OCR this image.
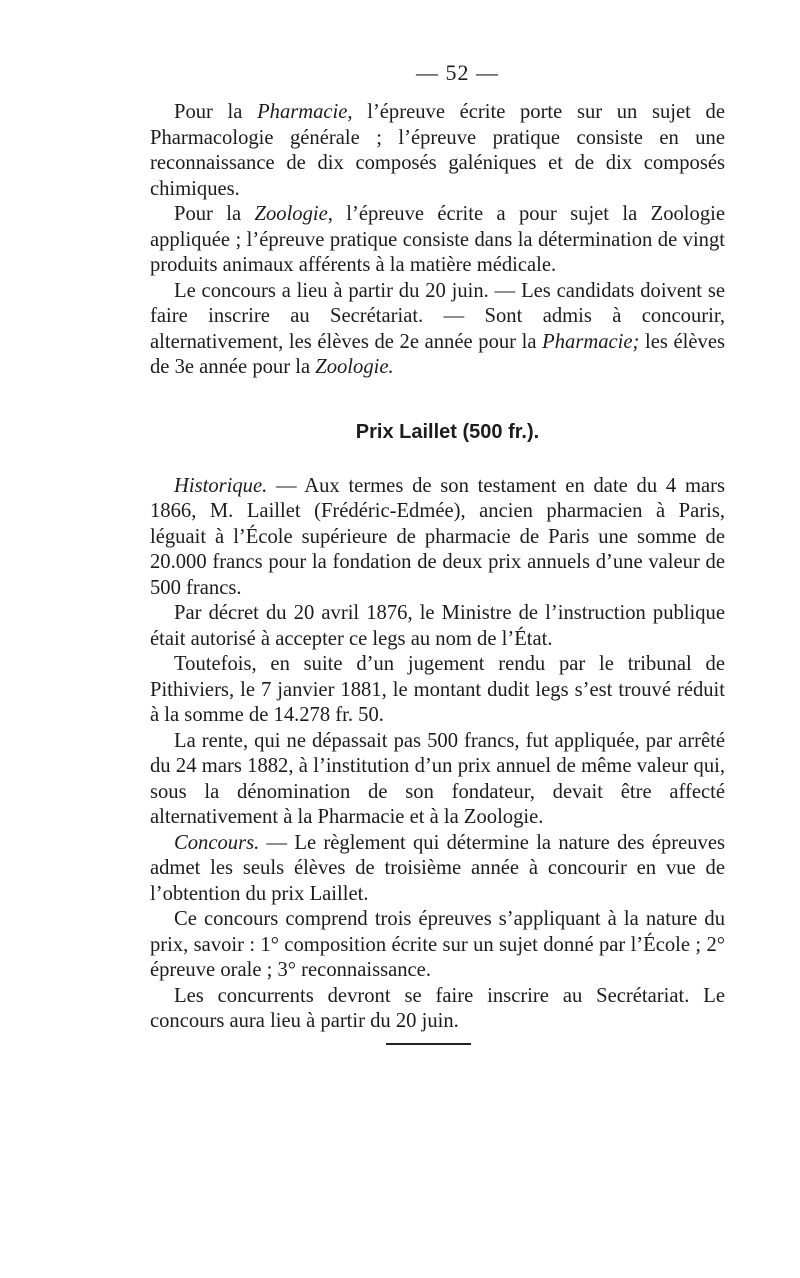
— 52 —

Pour la Pharmacie, l’épreuve écrite porte sur un sujet de Pharmacologie générale ; l’épreuve pratique consiste en une reconnaissance de dix composés galéniques et de dix composés chimiques.

Pour la Zoologie, l’épreuve écrite a pour sujet la Zoologie appliquée ; l’épreuve pratique consiste dans la détermination de vingt produits animaux afférents à la matière médicale.

Le concours a lieu à partir du 20 juin. — Les candidats doivent se faire inscrire au Secrétariat. — Sont admis à concourir, alternativement, les élèves de 2e année pour la Pharmacie; les élèves de 3e année pour la Zoologie.

Prix Laillet (500 fr.).

Historique. — Aux termes de son testament en date du 4 mars 1866, M. Laillet (Frédéric-Edmée), ancien pharmacien à Paris, léguait à l’École supérieure de pharmacie de Paris une somme de 20.000 francs pour la fondation de deux prix annuels d’une valeur de 500 francs.

Par décret du 20 avril 1876, le Ministre de l’instruction publique était autorisé à accepter ce legs au nom de l’État.

Toutefois, en suite d’un jugement rendu par le tribunal de Pithiviers, le 7 janvier 1881, le montant dudit legs s’est trouvé réduit à la somme de 14.278 fr. 50.

La rente, qui ne dépassait pas 500 francs, fut appliquée, par arrêté du 24 mars 1882, à l’institution d’un prix annuel de même valeur qui, sous la dénomination de son fondateur, devait être affecté alternativement à la Pharmacie et à la Zoologie.

Concours. — Le règlement qui détermine la nature des épreuves admet les seuls élèves de troisième année à concourir en vue de l’obtention du prix Laillet.

Ce concours comprend trois épreuves s’appliquant à la nature du prix, savoir : 1° composition écrite sur un sujet donné par l’École ; 2° épreuve orale ; 3° reconnaissance.

Les concurrents devront se faire inscrire au Secrétariat. Le concours aura lieu à partir du 20 juin.
